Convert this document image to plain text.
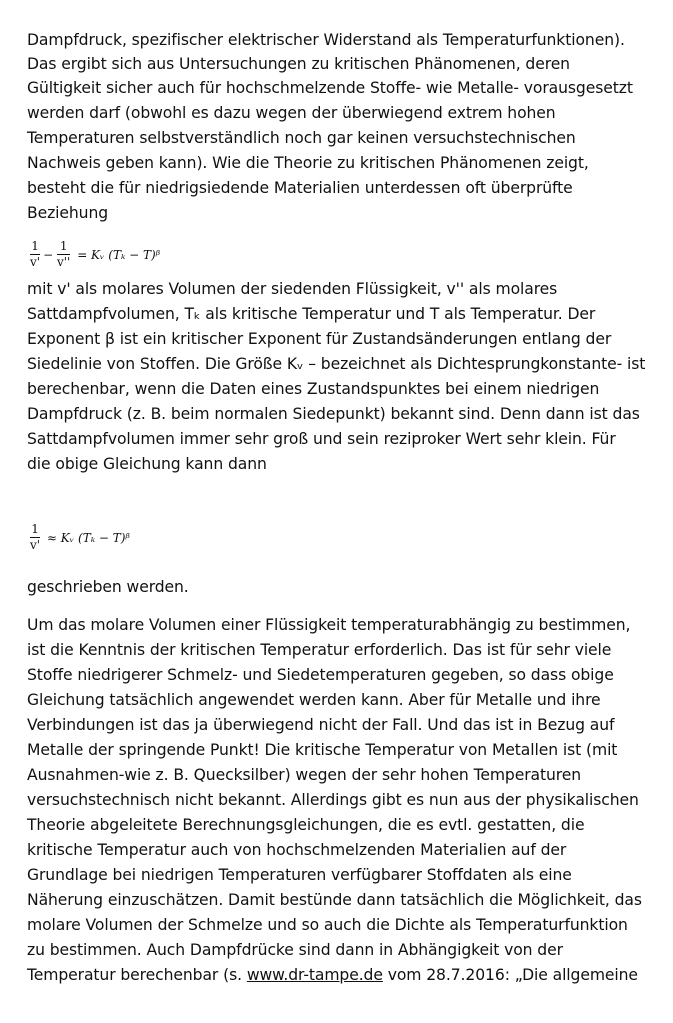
Dampfdruck, spezifischer elektrischer Widerstand als Temperaturfunktionen).
Das ergibt sich aus Untersuchungen zu kritischen Phänomenen, deren
Gültigkeit sicher auch für hochschmelzende Stoffe- wie Metalle- vorausgesetzt
werden darf (obwohl es dazu wegen der überwiegend extrem hohen
Temperaturen selbstverständlich noch gar keinen versuchstechnischen
Nachweis geben kann). Wie die Theorie zu kritischen Phänomenen zeigt,
besteht die für niedrigsiedende Materialien unterdessen oft überprüfte
Beziehung
$\frac{1}{v'} - \frac{1}{v''}$ = Kᵥ (Tₖ − T)ᵝ
mit v' als molares Volumen der siedenden Flüssigkeit, v'' als molares
Sattdampfvolumen, Tₖ als kritische Temperatur und T als Temperatur. Der
Exponent β ist ein kritischer Exponent für Zustandsänderungen entlang der
Siedelinie von Stoffen. Die Größe Kᵥ – bezeichnet als Dichtesprungkonstante- ist
berechenbar, wenn die Daten eines Zustandspunktes bei einem niedrigen
Dampfdruck (z. B. beim normalen Siedepunkt) bekannt sind. Denn dann ist das
Sattdampfvolumen immer sehr groß und sein reziproker Wert sehr klein. Für
die obige Gleichung kann dann
$\frac{1}{v'}$ ≈ Kᵥ (Tₖ − T)ᵝ
geschrieben werden.
Um das molare Volumen einer Flüssigkeit temperaturabhängig zu bestimmen,
ist die Kenntnis der kritischen Temperatur erforderlich. Das ist für sehr viele
Stoffe niedrigerer Schmelz- und Siedetemperaturen gegeben, so dass obige
Gleichung tatsächlich angewendet werden kann. Aber für Metalle und ihre
Verbindungen ist das ja überwiegend nicht der Fall. Und das ist in Bezug auf
Metalle der springende Punkt! Die kritische Temperatur von Metallen ist (mit
Ausnahmen-wie z. B. Quecksilber) wegen der sehr hohen Temperaturen
versuchstechnisch nicht bekannt. Allerdings gibt es nun aus der physikalischen
Theorie abgeleitete Berechnungsgleichungen, die es evtl. gestatten, die
kritische Temperatur auch von hochschmelzenden Materialien auf der
Grundlage bei niedrigen Temperaturen verfügbarer Stoffdaten als eine
Näherung einzuschätzen. Damit bestünde dann tatsächlich die Möglichkeit, das
molare Volumen der Schmelze und so auch die Dichte als Temperaturfunktion
zu bestimmen. Auch Dampfdrücke sind dann in Abhängigkeit von der
Temperatur berechenbar (s. www.dr-tampe.de vom 28.7.2016: „Die allgemeine
